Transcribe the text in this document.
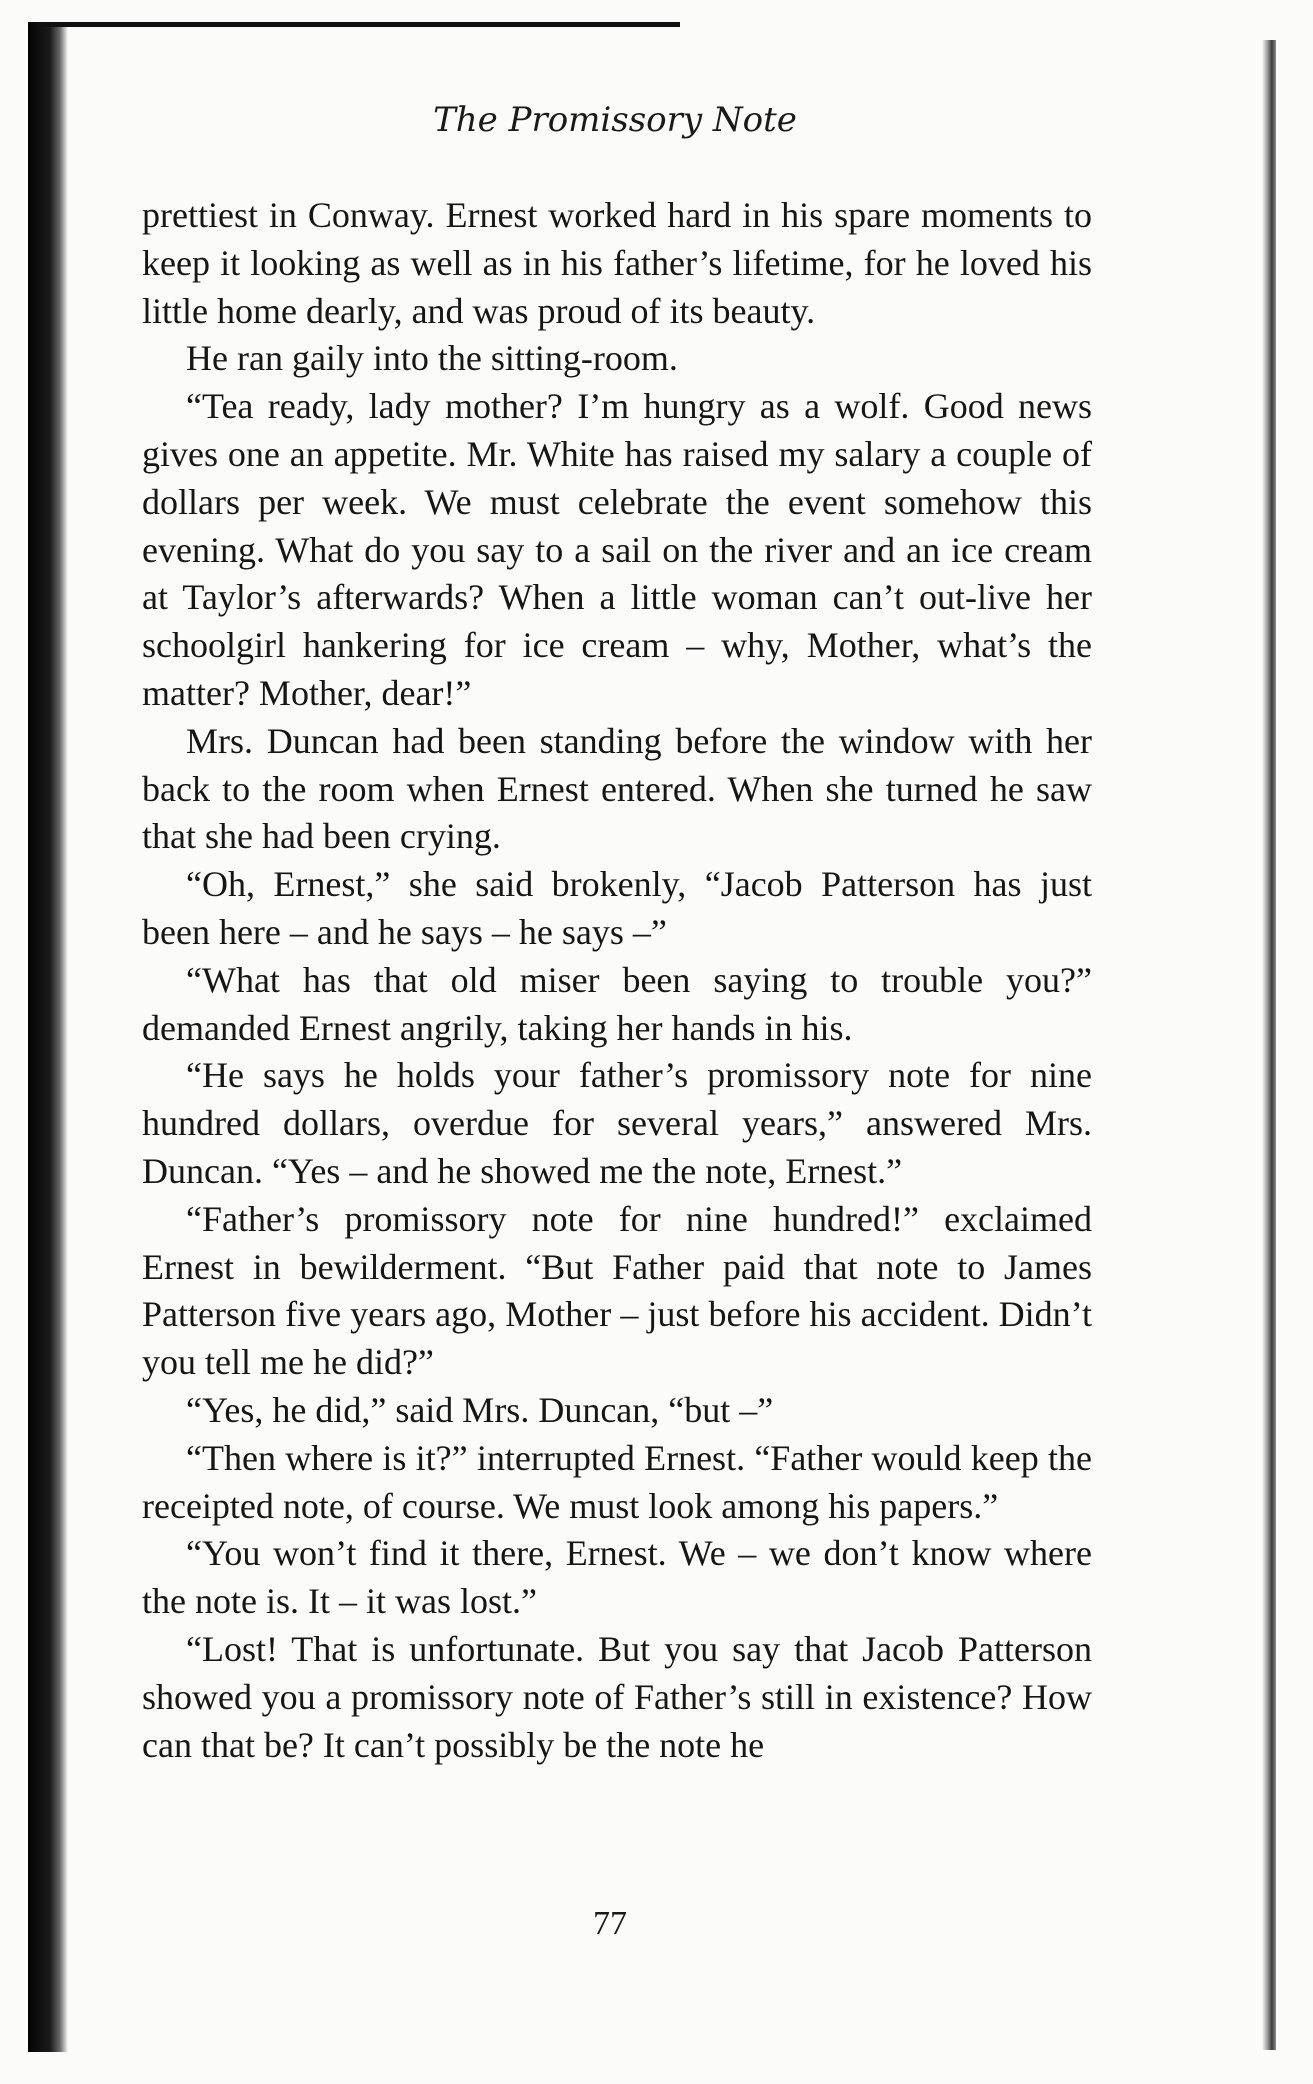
The Promissory Note

prettiest in Conway. Ernest worked hard in his spare moments to keep it looking as well as in his father’s lifetime, for he loved his little home dearly, and was proud of its beauty.

He ran gaily into the sitting-room.

“Tea ready, lady mother? I’m hungry as a wolf. Good news gives one an appetite. Mr. White has raised my salary a couple of dollars per week. We must celebrate the event somehow this evening. What do you say to a sail on the river and an ice cream at Taylor’s afterwards? When a little woman can’t out-live her schoolgirl hankering for ice cream – why, Mother, what’s the matter? Mother, dear!”

Mrs. Duncan had been standing before the window with her back to the room when Ernest entered. When she turned he saw that she had been crying.

“Oh, Ernest,” she said brokenly, “Jacob Patterson has just been here – and he says – he says –”

“What has that old miser been saying to trouble you?” demanded Ernest angrily, taking her hands in his.

“He says he holds your father’s promissory note for nine hundred dollars, overdue for several years,” answered Mrs. Duncan. “Yes – and he showed me the note, Ernest.”

“Father’s promissory note for nine hundred!” exclaimed Ernest in bewilderment. “But Father paid that note to James Patterson five years ago, Mother – just before his accident. Didn’t you tell me he did?”

“Yes, he did,” said Mrs. Duncan, “but –”

“Then where is it?” interrupted Ernest. “Father would keep the receipted note, of course. We must look among his papers.”

“You won’t find it there, Ernest. We – we don’t know where the note is. It – it was lost.”

“Lost! That is unfortunate. But you say that Jacob Patterson showed you a promissory note of Father’s still in existence? How can that be? It can’t possibly be the note he

77
